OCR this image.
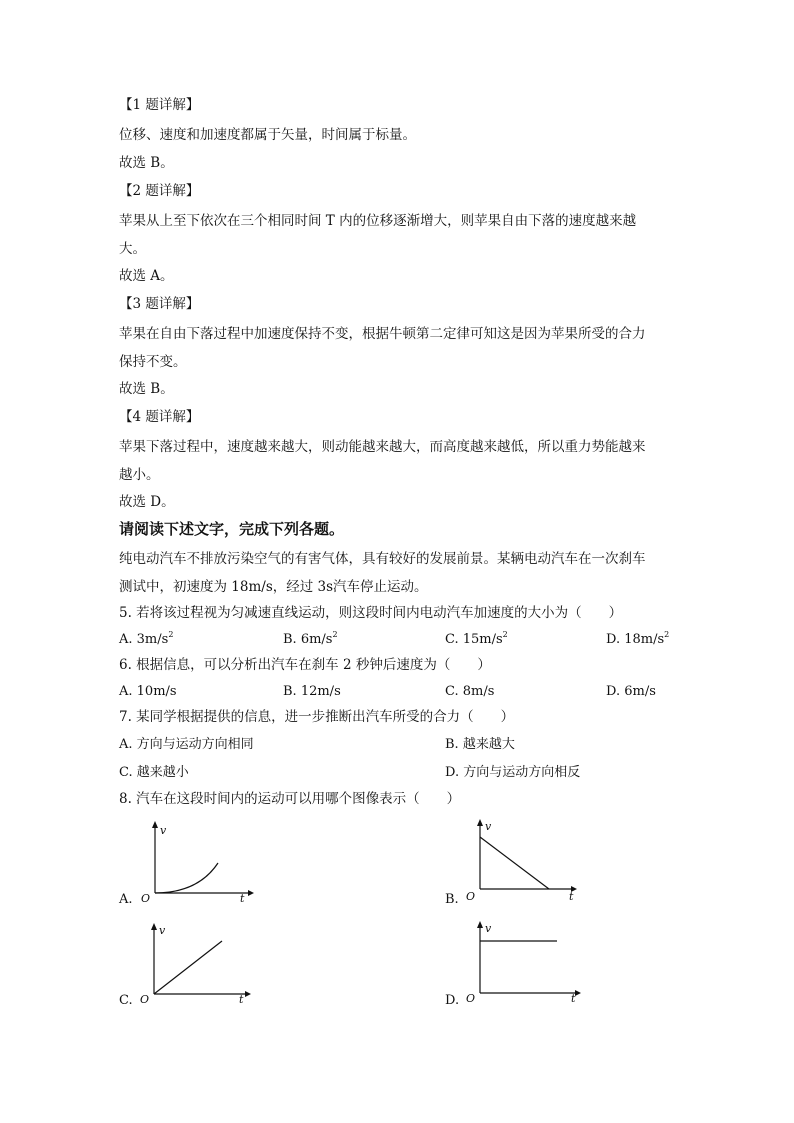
【1 题详解】
位移、速度和加速度都属于矢量，时间属于标量。
故选 B。
【2 题详解】
苹果从上至下依次在三个相同时间 T 内的位移逐渐增大，则苹果自由下落的速度越来越
大。
故选 A。
【3 题详解】
苹果在自由下落过程中加速度保持不变，根据牛顿第二定律可知这是因为苹果所受的合力
保持不变。
故选 B。
【4 题详解】
苹果下落过程中，速度越来越大，则动能越来越大，而高度越来越低，所以重力势能越来
越小。
故选 D。
请阅读下述文字，完成下列各题。
纯电动汽车不排放污染空气的有害气体，具有较好的发展前景。某辆电动汽车在一次刹车
测试中，初速度为 18m/s，经过 3s汽车停止运动。
5. 若将该过程视为匀减速直线运动，则这段时间内电动汽车加速度的大小为（　　）
A. $3m/s^2$	B. $6m/s^2$	C. $15m/s^2$	D. $18m/s^2$
6. 根据信息，可以分析出汽车在刹车 2 秒钟后速度为（　　）
A. 10m/s	B. 12m/s	C. 8m/s	D. 6m/s
7. 某同学根据提供的信息，进一步推断出汽车所受的合力（　　）
A. 方向与运动方向相同	B. 越来越大
C. 越来越小	D. 方向与运动方向相反
8. 汽车在这段时间内的运动可以用哪个图像表示（　　）
A.
v
O	t	B.
v
O	t
C.
v
O	t	D.
v
O	t
